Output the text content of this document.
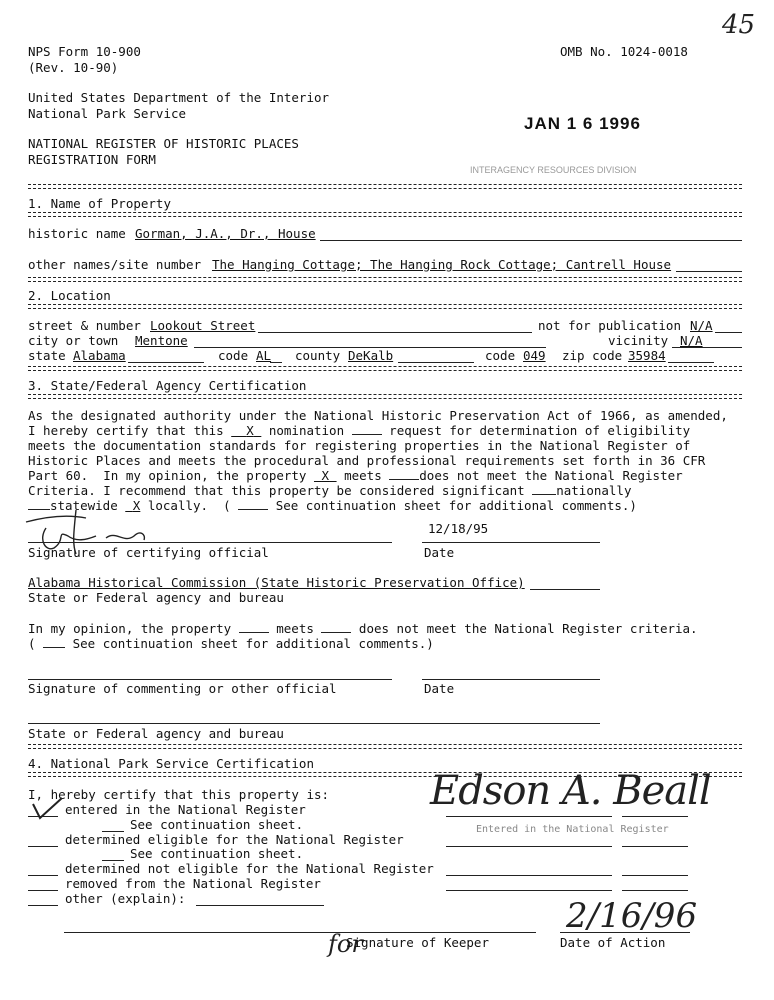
45
NPS Form 10-900
(Rev. 10-90)
OMB No. 1024-0018
United States Department of the Interior
National Park Service
NATIONAL REGISTER OF HISTORIC PLACES
REGISTRATION FORM
JAN 1 6 1996
INTERAGENCY RESOURCES DIVISION
1. Name of Property
historic name Gorman, J.A., Dr., House
other names/site number The Hanging Cottage; The Hanging Rock Cottage; Cantrell House
2. Location
street & number Lookout Street	not for publication N/A
city or town Mentone	vicinity N/A
state Alabama	code AL county DeKalb	code 049 zip code 35984
3. State/Federal Agency Certification
As the designated authority under the National Historic Preservation Act of 1966, as amended,
I hereby certify that this   X  nomination  request for determination of eligibility
meets the documentation standards for registering properties in the National Register of
Historic Places and meets the procedural and professional requirements set forth in 36 CFR
Part 60.  In my opinion, the property  X  meets does not meet the National Register
Criteria. I recommend that this property be considered significant nationally
statewide  X locally.  (  See continuation sheet for additional comments.)
12/18/95
Signature of certifying official	Date
Alabama Historical Commission (State Historic Preservation Office)
State or Federal agency and bureau
In my opinion, the property  meets  does not meet the National Register criteria.
(  See continuation sheet for additional comments.)
Signature of commenting or other official	Date
State or Federal agency and bureau
4. National Park Service Certification
I, hereby certify that this property is:
entered in the National Register
See continuation sheet.
determined eligible for the National Register
See continuation sheet.
determined not eligible for the National Register
removed from the National Register
other (explain):
Edson A. Beall
Entered in the National Register
2/16/96
for
Signature of Keeper	Date of Action
